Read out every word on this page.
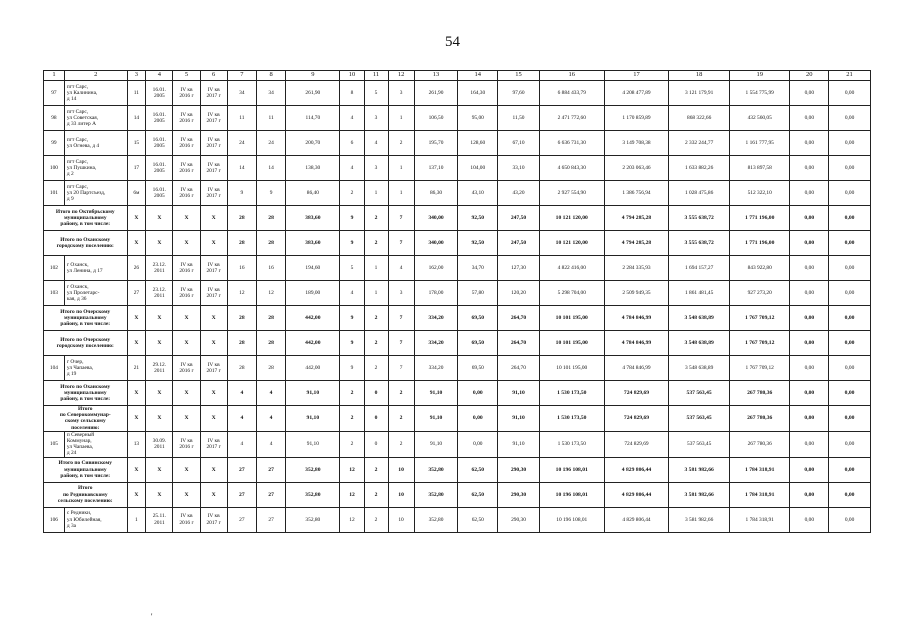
54
1	2	3	4	5	6	7	8	9	10	11	12	13	14	15	16	17	18	19	20	21
97	пгт Сарс,
ул Калинина,
д 14	11	16.01.
2005	IV кв
2016 г	IV кв
2017 г	34	34	261,90	8	5	3	261,90	164,30	97,60	6 884 433,79	4 208 477,89	3 121 179,91	1 554 775,99	0,00	0,00
98	пгт Сарс,
ул Советская,
д 33 литер А	14	16.01.
2005	IV кв
2016 г	IV кв
2017 г	11	11	114,70	4	3	1	106,50	95,00	11,50	2 471 772,60	1 170 859,89	868 322,66	432 560,05	0,00	0,00
99	пгт Сарс,
ул Огнева, д 4	15	16.01.
2005	IV кв
2016 г	IV кв
2017 г	24	24	200,70	6	4	2	195,70	128,60	67,10	6 636 731,30	3 149 708,38	2 332 244,77	1 161 777,95	0,00	0,00
100	пгт Сарс,
ул Пушкина,
д 2	17	16.01.
2005	IV кв
2016 г	IV кв
2017 г	14	14	138,30	4	3	1	137,10	104,00	33,10	4 650 843,30	2 203 063,46	1 633 882,26	813 897,58	0,00	0,00
101	пгт Сарс,
ул 20 Партсъезд,
д 9	6м	16.01.
2005	IV кв
2016 г	IV кв
2017 г	9	9	86,40	2	1	1	86,30	43,10	43,20	2 927 554,90	1 386 756,94	1 028 475,86	512 322,10	0,00	0,00
Итого по Октябрьскому
муниципальному
району, в том числе:		X	X	X	X	28	28	383,60	9	2	7	340,00	92,50	247,50	10 121 120,00	4 794 285,28	3 555 638,72	1 771 196,00	0,00	0,00
Итого по Оханскому
городскому поселению:		X	X	X	X	28	28	383,60	9	2	7	340,00	92,50	247,50	10 121 120,00	4 794 285,28	3 555 638,72	1 771 196,00	0,00	0,00
102	г Оханск,
ул Ленина, д 17	26	23.12.
2011	IV кв
2016 г	IV кв
2017 г	16	16	194,60	5	1	4	162,00	34,70	127,30	4 822 416,00	2 284 335,93	1 694 157,27	843 922,80	0,00	0,00
103	г Оханск,
ул Пролетарс-
кая, д 36	27	23.12.
2011	IV кв
2016 г	IV кв
2017 г	12	12	189,00	4	1	3	178,00	57,80	120,20	5 298 704,00	2 509 949,35	1 861 481,45	927 273,20	0,00	0,00
Итого по Очерскому
муниципальному
району, в том числе:		X	X	X	X	28	28	442,00	9	2	7	334,20	69,50	264,70	10 101 195,00	4 784 846,99	3 548 638,89	1 767 709,12	0,00	0,00
Итого по Очерскому
городскому поселению:		X	X	X	X	28	28	442,00	9	2	7	334,20	69,50	264,70	10 101 195,00	4 784 846,99	3 548 638,89	1 767 709,12	0,00	0,00
104	г Очер,
ул Чапаева,
д 19	21	29.12.
2011	IV кв
2016 г	IV кв
2017 г	28	28	442,00	9	2	7	334,20	69,50	264,70	10 101 195,00	4 784 846,99	3 548 638,89	1 767 709,12	0,00	0,00
Итого по Оханскому
муниципальному
району, в том числе:		X	X	X	X	4	4	91,10	2	0	2	91,10	0,00	91,10	1 530 173,50	724 829,69	537 563,45	267 780,36	0,00	0,00
Итого
по Северокоммунар-
скому сельскому
поселению:		X	X	X	X	4	4	91,10	2	0	2	91,10	0,00	91,10	1 530 173,50	724 829,69	537 563,45	267 780,36	0,00	0,00
105	п Северный
Коммунар,
ул Чапаева,
д 24	13	30.09.
2011	IV кв
2016 г	IV кв
2017 г	4	4	91,10	2	0	2	91,10	0,00	91,10	1 530 173,50	724 829,69	537 563,45	267 780,36	0,00	0,00
Итого по Сивинскому
муниципальному
району, в том числе:		X	X	X	X	27	27	352,80	12	2	10	352,80	62,50	290,30	10 196 108,01	4 829 806,44	3 581 982,66	1 784 318,91	0,00	0,00
Итого
по Редниковскому
сельскому поселению:		X	X	X	X	27	27	352,80	12	2	10	352,80	62,50	290,30	10 196 108,01	4 829 806,44	3 581 982,66	1 784 318,91	0,00	0,00
106	с Редники,
ул Юбилейная,
д 3а	1	25.11.
2011	IV кв
2016 г	IV кв
2017 г	27	27	352,80	12	2	10	352,80	62,50	290,30	10 196 108,01	4 829 806,44	3 581 982,66	1 784 318,91	0,00	0,00
'
